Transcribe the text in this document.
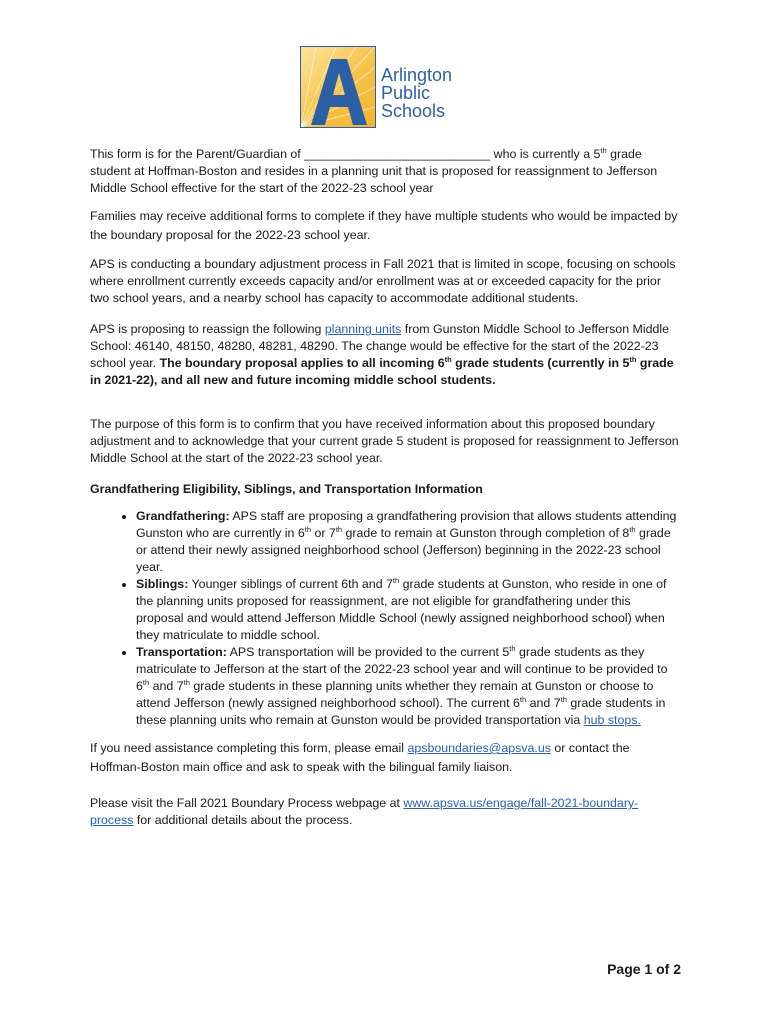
Arlington
Public
Schools

This form is for the Parent/Guardian of ___________________________ who is currently a 5th grade student at Hoffman-Boston and resides in a planning unit that is proposed for reassignment to Jefferson Middle School effective for the start of the 2022-23 school year

Families may receive additional forms to complete if they have multiple students who would be impacted by the boundary proposal for the 2022-23 school year.

APS is conducting a boundary adjustment process in Fall 2021 that is limited in scope, focusing on schools where enrollment currently exceeds capacity and/or enrollment was at or exceeded capacity for the prior two school years, and a nearby school has capacity to accommodate additional students.

APS is proposing to reassign the following planning units from Gunston Middle School to Jefferson Middle School: 46140, 48150, 48280, 48281, 48290. The change would be effective for the start of the 2022-23 school year. The boundary proposal applies to all incoming 6th grade students (currently in 5th grade in 2021-22), and all new and future incoming middle school students.

The purpose of this form is to confirm that you have received information about this proposed boundary adjustment and to acknowledge that your current grade 5 student is proposed for reassignment to Jefferson Middle School at the start of the 2022-23 school year.

Grandfathering Eligibility, Siblings, and Transportation Information

• Grandfathering: APS staff are proposing a grandfathering provision that allows students attending Gunston who are currently in 6th or 7th grade to remain at Gunston through completion of 8th grade or attend their newly assigned neighborhood school (Jefferson) beginning in the 2022-23 school year.
• Siblings: Younger siblings of current 6th and 7th grade students at Gunston, who reside in one of the planning units proposed for reassignment, are not eligible for grandfathering under this proposal and would attend Jefferson Middle School (newly assigned neighborhood school) when they matriculate to middle school.
• Transportation: APS transportation will be provided to the current 5th grade students as they matriculate to Jefferson at the start of the 2022-23 school year and will continue to be provided to 6th and 7th grade students in these planning units whether they remain at Gunston or choose to attend Jefferson (newly assigned neighborhood school). The current 6th and 7th grade students in these planning units who remain at Gunston would be provided transportation via hub stops.

If you need assistance completing this form, please email apsboundaries@apsva.us or contact the Hoffman-Boston main office and ask to speak with the bilingual family liaison.

Please visit the Fall 2021 Boundary Process webpage at www.apsva.us/engage/fall-2021-boundary-process for additional details about the process.

Page 1 of 2
